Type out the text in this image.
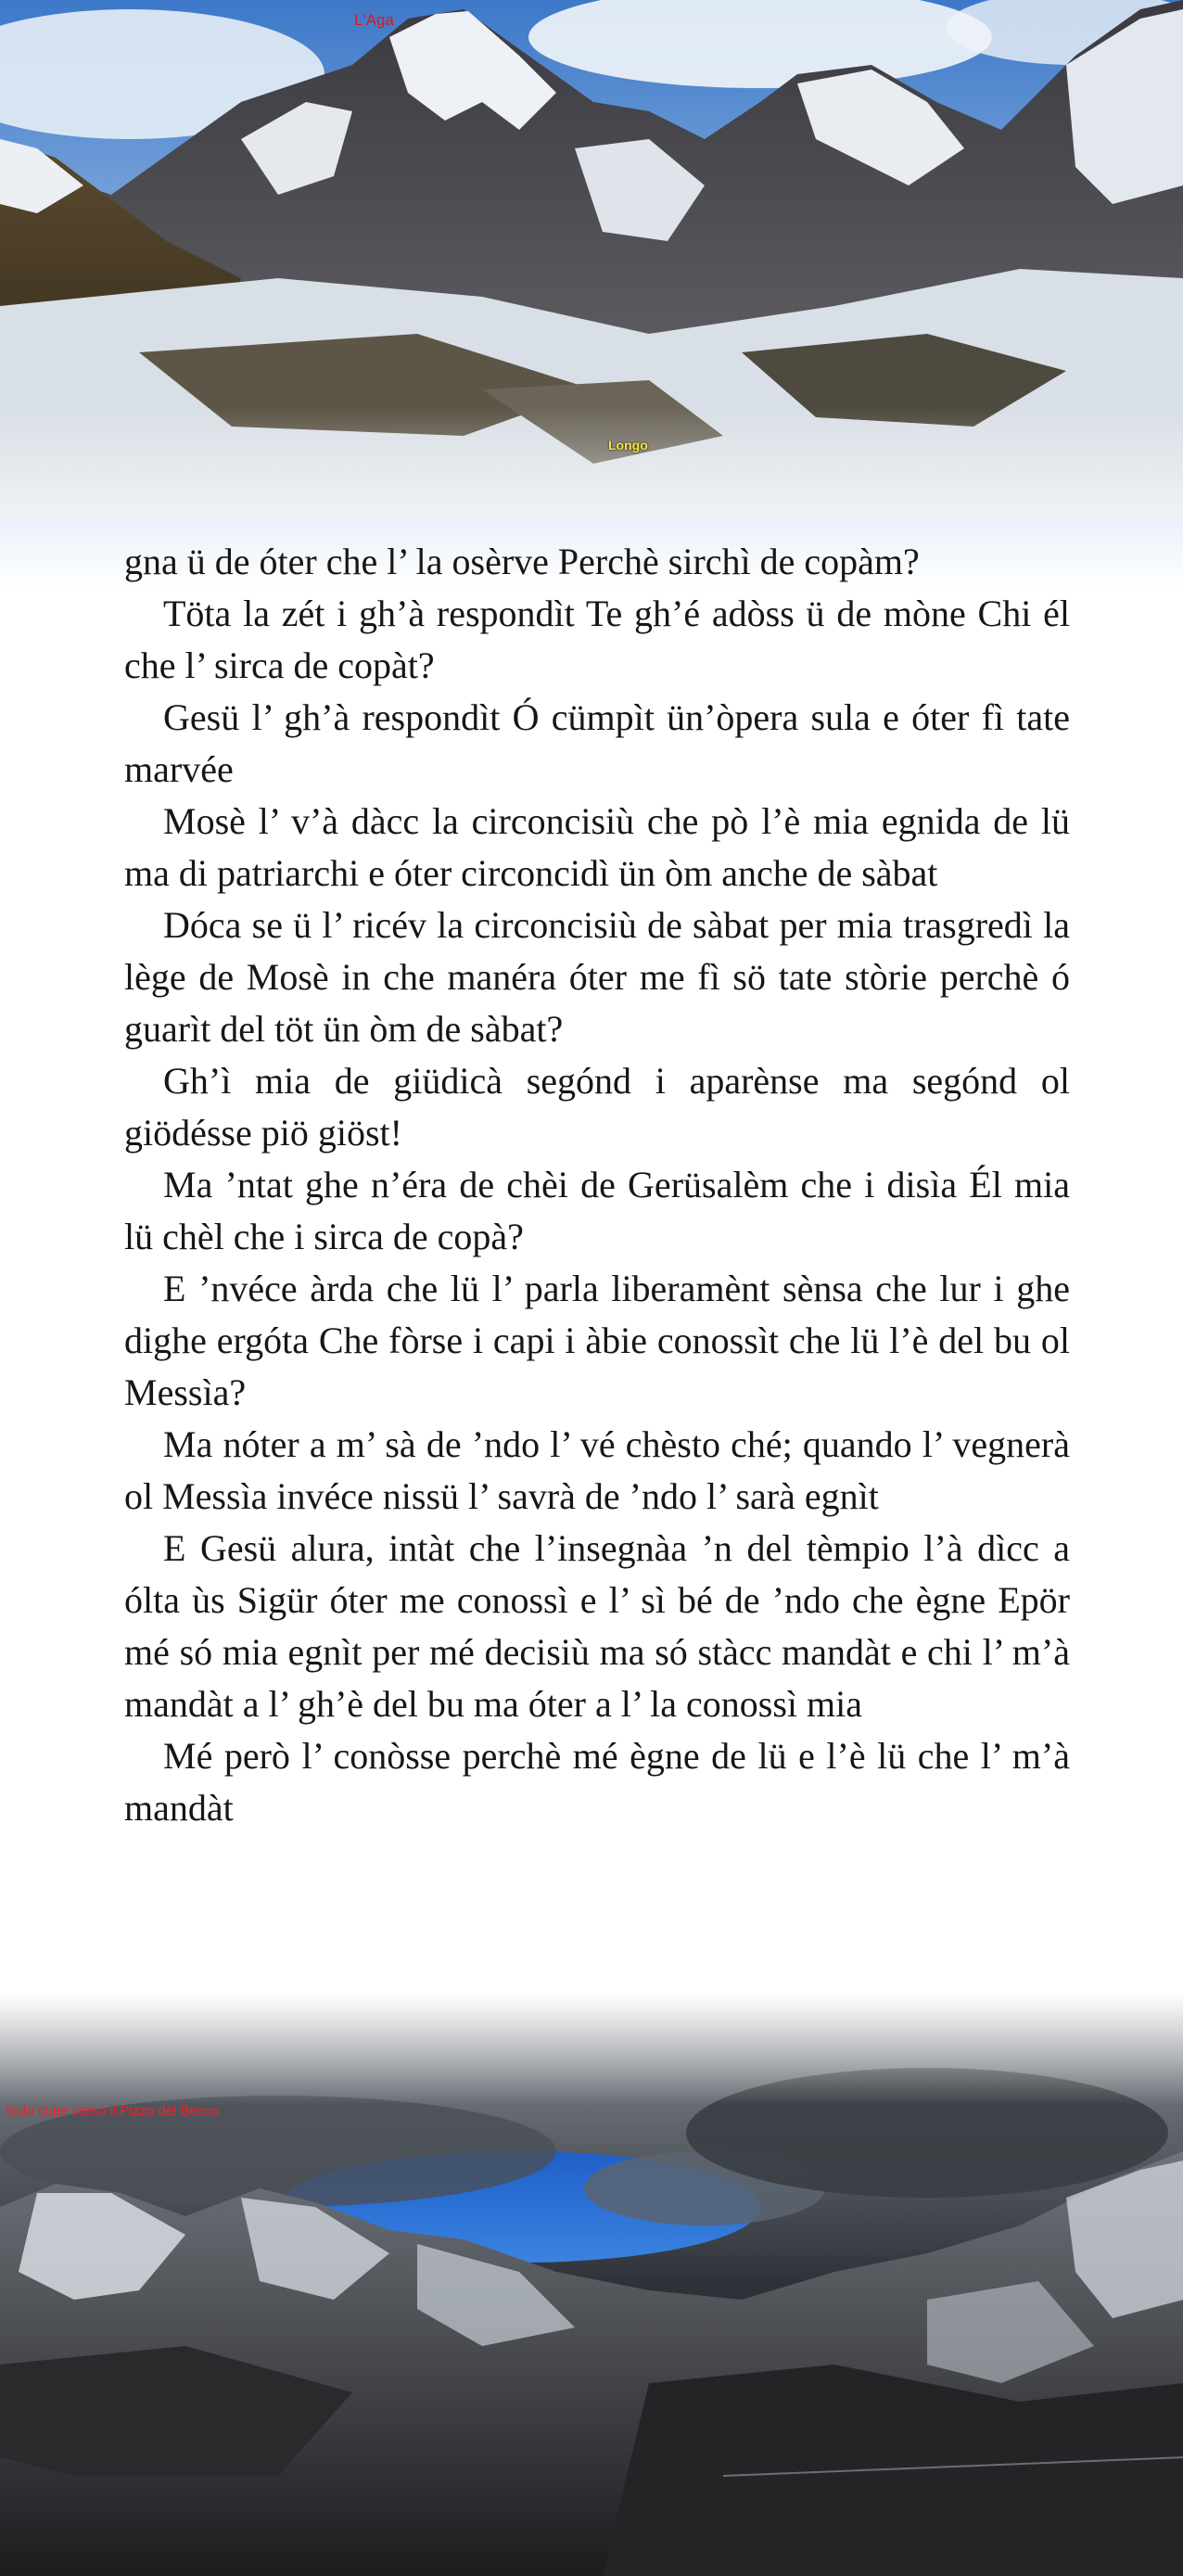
L'Aga
Longo

gna ü de óter che l’ la osèrve Perchè sirchì de copàm?

Töta la zét i gh’à respondìt Te gh’é adòss ü de mòne Chi él che l’ sirca de copàt?

Gesü l’ gh’à respondìt Ó cümpìt ün’òpera sula e óter fì tate marvée

Mosè l’ v’à dàcc la circoncisiù che pò l’è mia egnida de lü ma di patriarchi e óter circoncidì ün òm anche de sàbat

Dóca se ü l’ ricév la circoncisiù de sàbat per mia trasgredì la lège de Mosè in che manéra óter me fì sö tate stòrie perchè ó guarìt del töt ün òm de sàbat?

Gh’ì mia de giüdicà segónd i aparènse ma segónd ol giödésse piö giöst!

Ma ’ntat ghe n’éra de chèi de Gerüsalèm che i disìa Él mia lü chèl che i sirca de copà?

E ’nvéce àrda che lü l’ parla liberamènt sènsa che lur i ghe dighe ergóta Che fòrse i capi i àbie conossìt che lü l’è del bu ol Messìa?

Ma nóter a m’ sà de ’ndo l’ vé chèsto ché; quando l’ vegnerà ol Messìa invéce nissü l’ savrà de ’ndo l’ sarà egnìt

E Gesü alura, intàt che l’insegnàa ’n del tèmpio l’à dìcc a ólta ùs Sigür óter me conossì e l’ sì bé de ’ndo che ègne Epör mé só mia egnìt per mé decisiù ma só stàcc mandàt e chi l’ m’à mandàt a l’ gh’è del bu ma óter a l’ la conossì mia

Mé però l’ conòsse perchè mé ègne de lü e l’è lü che l’ m’à mandàt

Nubi cupe verso il Pizzo del Becco
